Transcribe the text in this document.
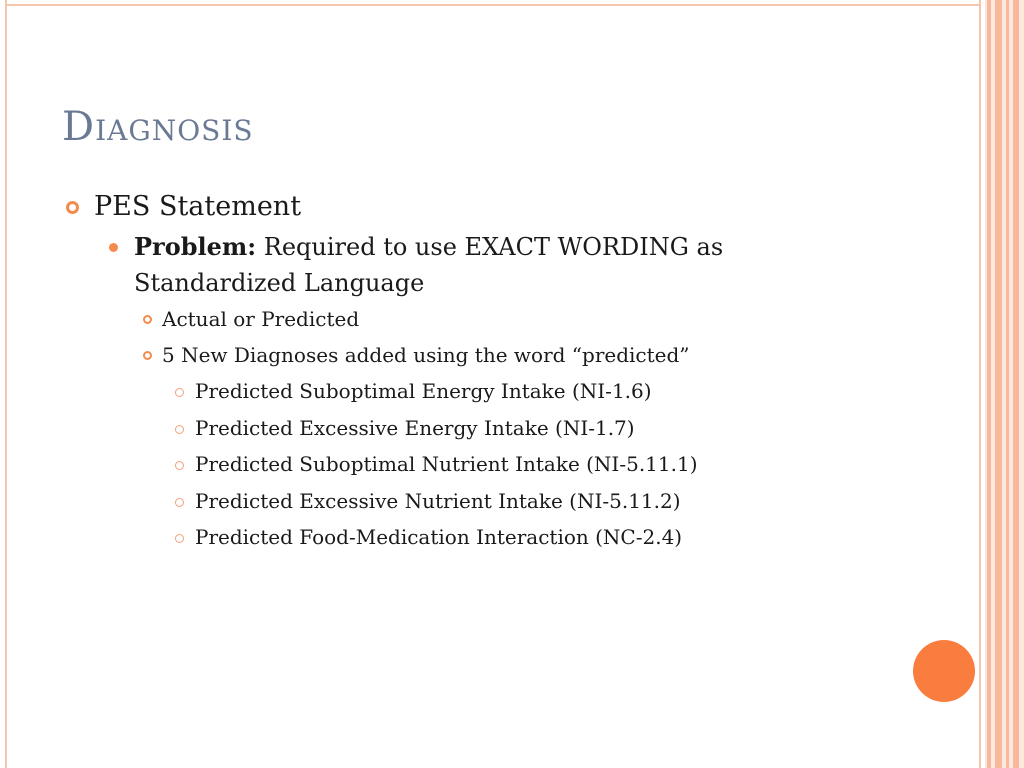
Diagnosis
PES Statement
Problem: Required to use EXACT WORDING as
Standardized Language
Actual or Predicted
5 New Diagnoses added using the word “predicted”
Predicted Suboptimal Energy Intake (NI-1.6)
Predicted Excessive Energy Intake (NI-1.7)
Predicted Suboptimal Nutrient Intake (NI-5.11.1)
Predicted Excessive Nutrient Intake (NI-5.11.2)
Predicted Food-Medication Interaction (NC-2.4)
